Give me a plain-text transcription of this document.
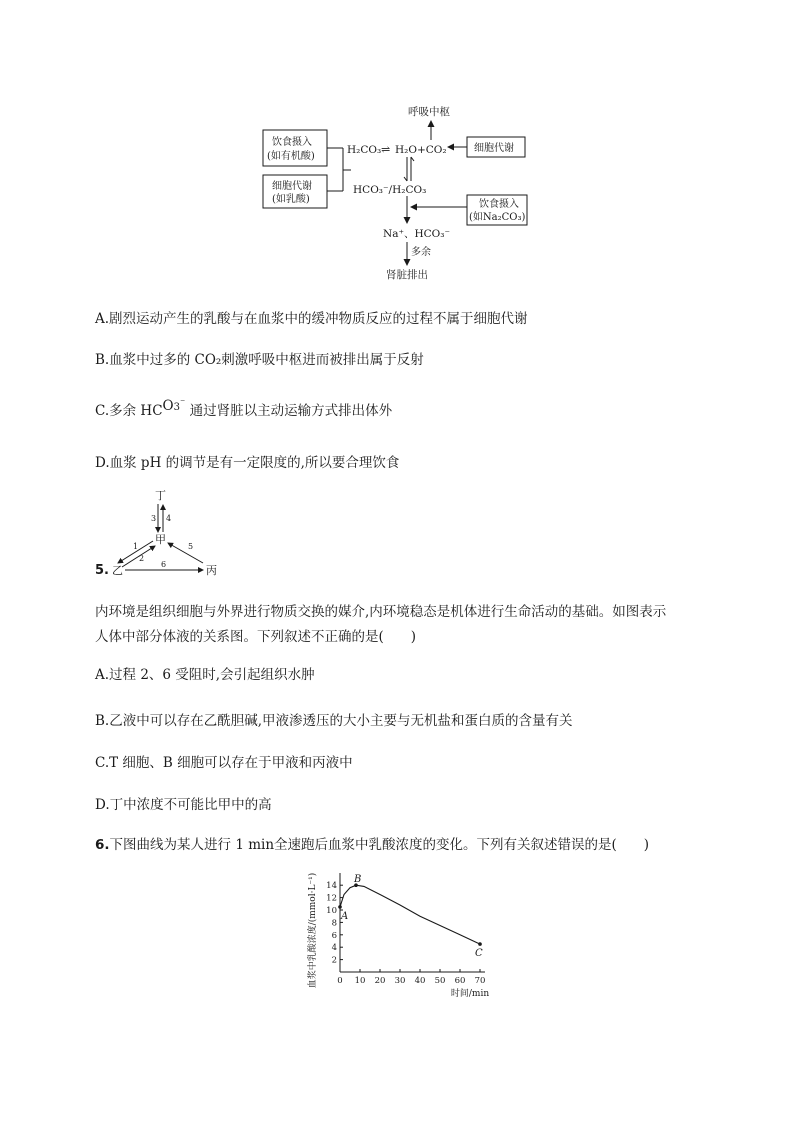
呼吸中枢
饮食摄入
(如有机酸)
细胞代谢
(如乳酸)
H₂CO₃ ⇌ H₂O+CO₂	细胞代谢
HCO₃⁻/H₂CO₃
饮食摄入
(如Na₂CO₃)
Na⁺、HCO₃⁻
多余
肾脏排出
A.剧烈运动产生的乳酸与在血浆中的缓冲物质反应的过程不属于细胞代谢
B.血浆中过多的 CO₂刺激呼吸中枢进而被排出属于反射
C.多余 $HCO^{3^-}$ 通过肾脏以主动运输方式排出体外
D.血浆 pH 的调节是有一定限度的,所以要合理饮食
丁
3 4
甲
1
2
5
乙	6	丙
5.
内环境是组织细胞与外界进行物质交换的媒介,内环境稳态是机体进行生命活动的基础。如图表示
人体中部分体液的关系图。下列叙述不正确的是(　　)
A.过程 2、6 受阻时,会引起组织水肿
B.乙液中可以存在乙酰胆碱,甲液渗透压的大小主要与无机盐和蛋白质的含量有关
C.T 细胞、B 细胞可以存在于甲液和丙液中
D.丁中浓度不可能比甲中的高
6.下图曲线为某人进行 1 min全速跑后血浆中乳酸浓度的变化。下列有关叙述错误的是(　　)
0 10 20 30 40 50 60 70
2
4
6
8
10
12
14
时间/min
血浆中乳酸浓度/(mmol·L⁻¹) A
B
C
